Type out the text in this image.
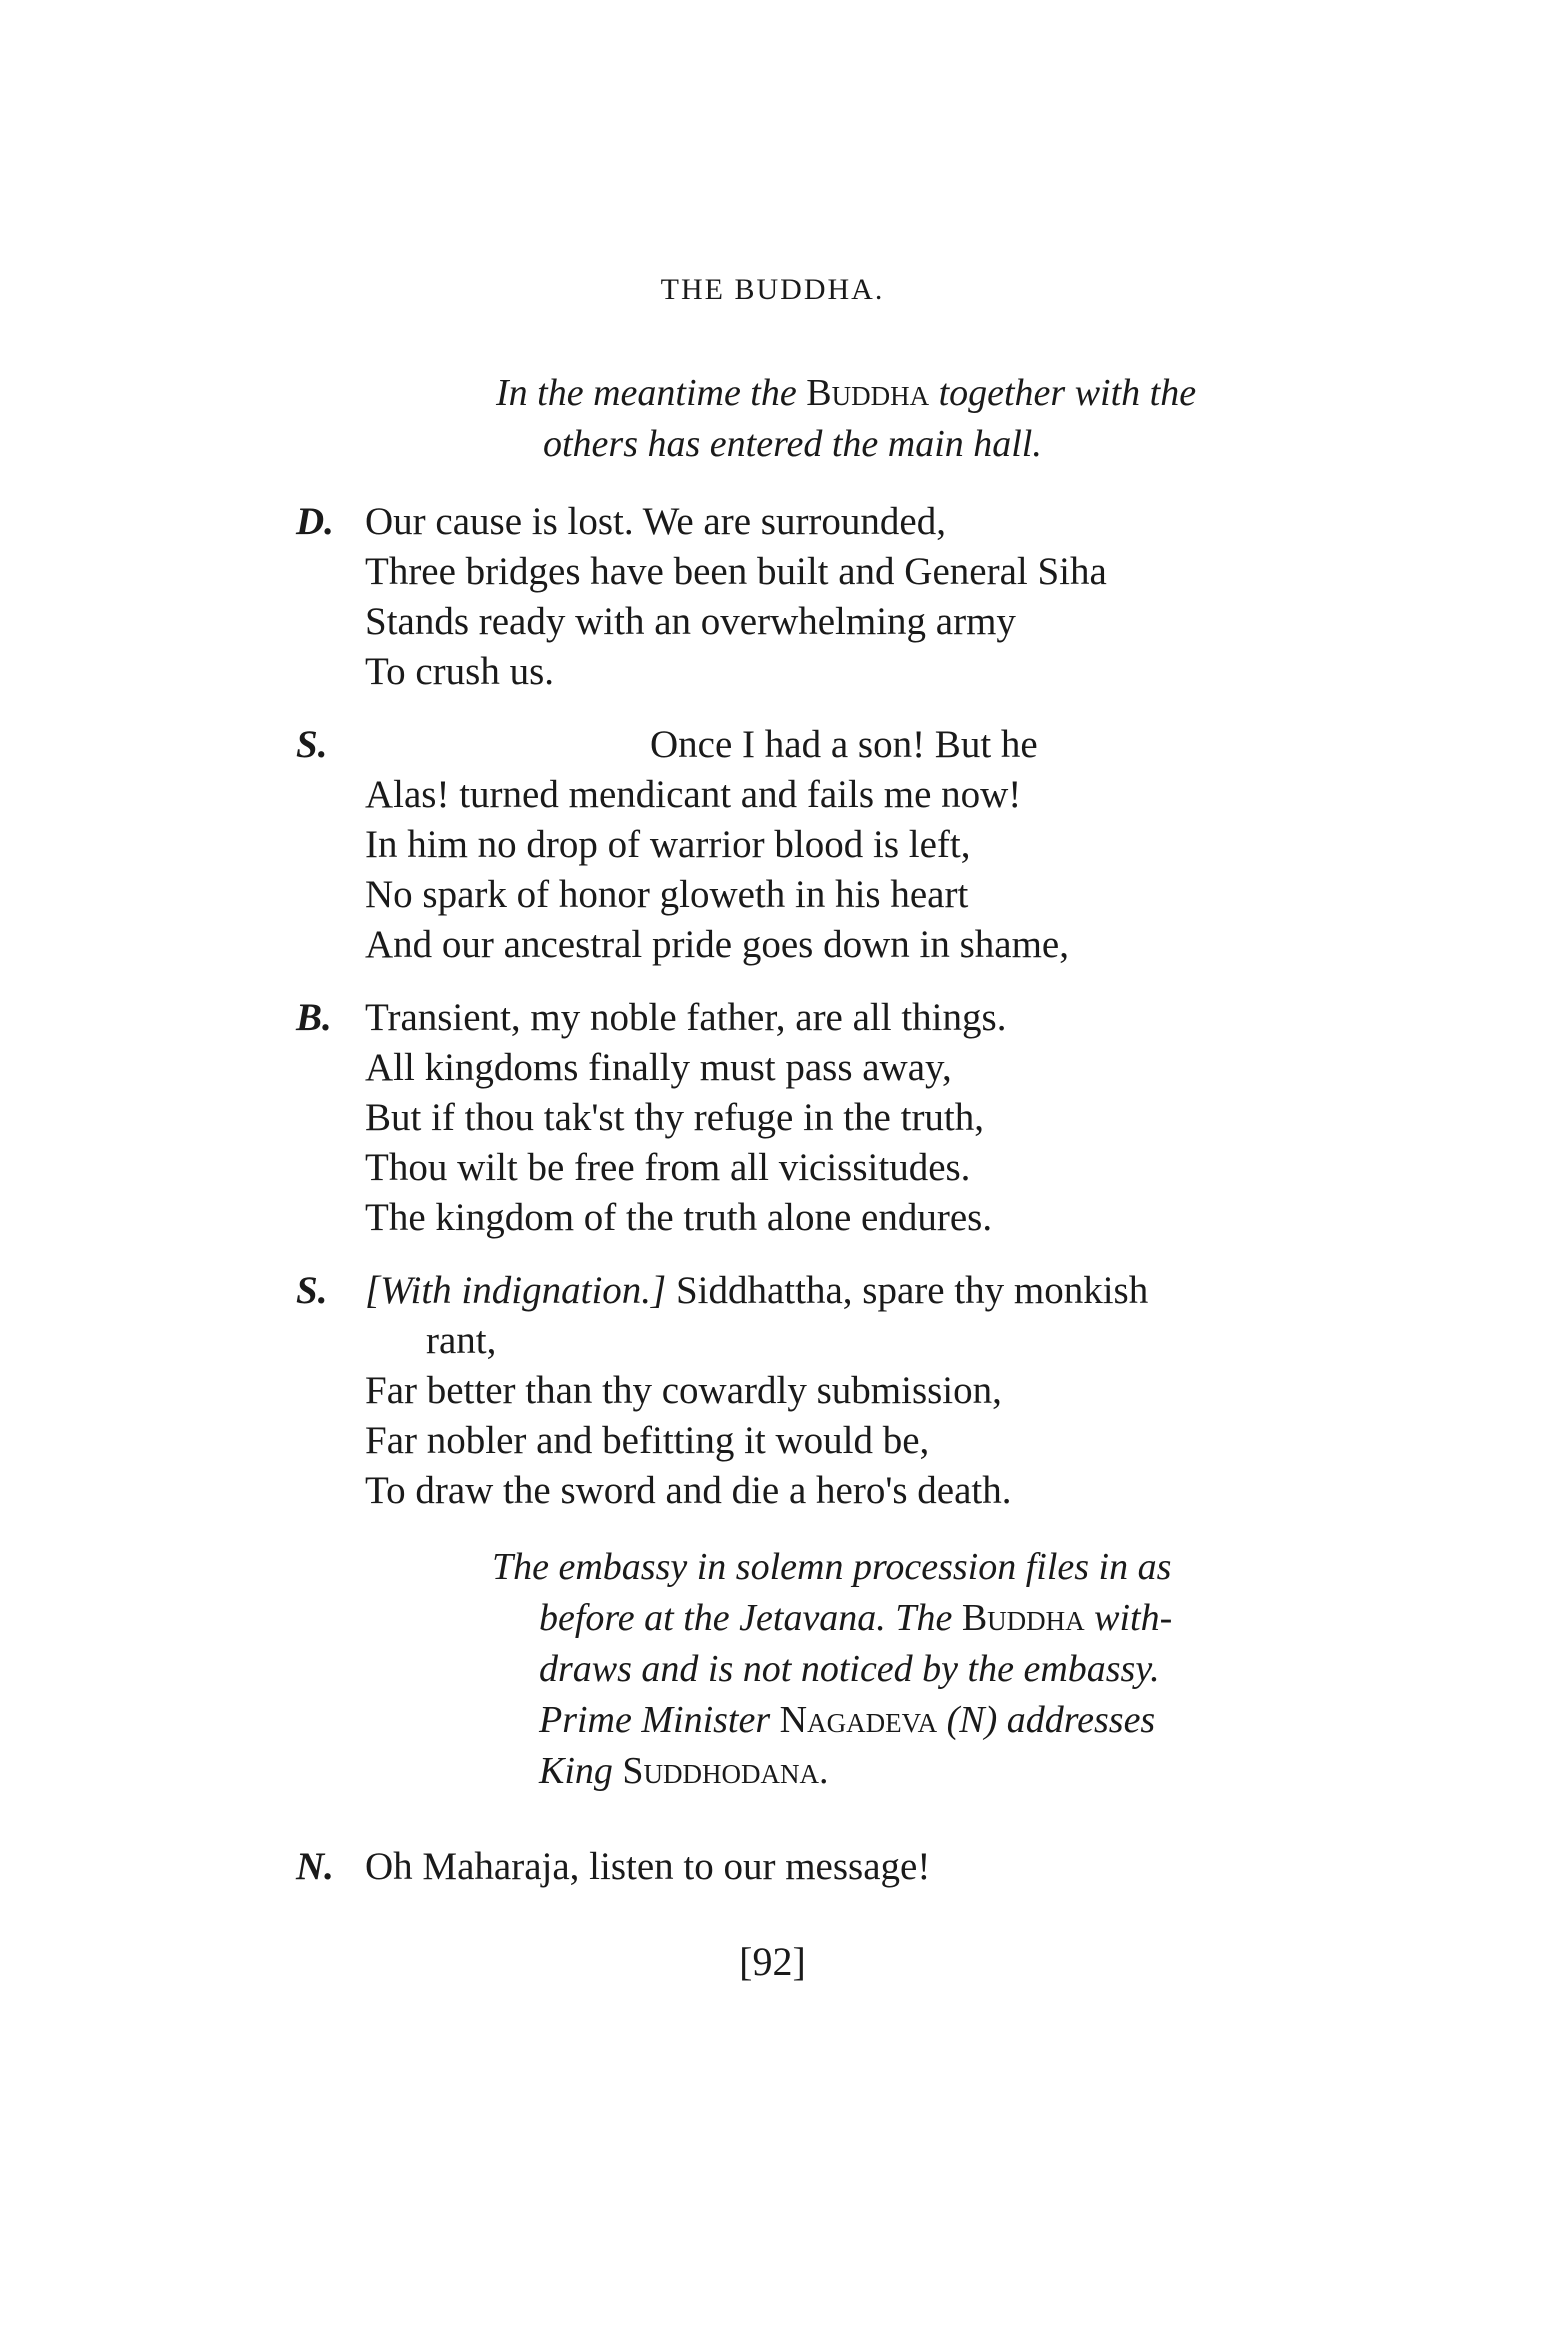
THE BUDDHA.
In the meantime the Buddha together with the
others has entered the main hall.
D. Our cause is lost. We are surrounded,
Three bridges have been built and General Siha
Stands ready with an overwhelming army
To crush us.
S.	Once I had a son! But he
Alas! turned mendicant and fails me now!
In him no drop of warrior blood is left,
No spark of honor gloweth in his heart
And our ancestral pride goes down in shame,
B. Transient, my noble father, are all things.
All kingdoms finally must pass away,
But if thou tak'st thy refuge in the truth,
Thou wilt be free from all vicissitudes.
The kingdom of the truth alone endures.
S. [With indignation.] Siddhattha, spare thy monkish
rant,
Far better than thy cowardly submission,
Far nobler and befitting it would be,
To draw the sword and die a hero's death.
The embassy in solemn procession files in as
before at the Jetavana. The Buddha with-
draws and is not noticed by the embassy.
Prime Minister Nagadeva (N) addresses
King Suddhodana.
N. Oh Maharaja, listen to our message!
[92]
